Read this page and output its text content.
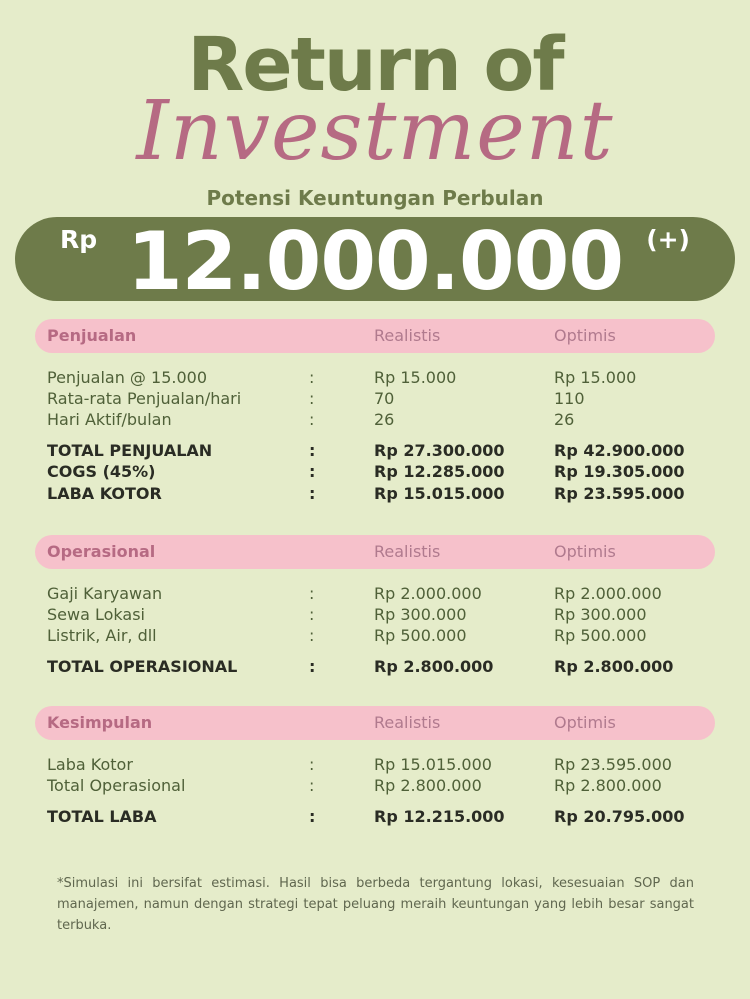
Return of
Investment
Potensi Keuntungan Perbulan
Rp 12.000.000 (+)
Penjualan	Realistis	Optimis
Penjualan @ 15.000	:	Rp 15.000	Rp 15.000
Rata-rata Penjualan/hari	:	70	110
Hari Aktif/bulan	:	26	26
TOTAL PENJUALAN	:	Rp 27.300.000	Rp 42.900.000
COGS (45%)	:	Rp 12.285.000	Rp 19.305.000
LABA KOTOR	:	Rp 15.015.000	Rp 23.595.000
Operasional	Realistis	Optimis
Gaji Karyawan	:	Rp 2.000.000	Rp 2.000.000
Sewa Lokasi	:	Rp 300.000	Rp 300.000
Listrik, Air, dll	:	Rp 500.000	Rp 500.000
TOTAL OPERASIONAL	:	Rp 2.800.000	Rp 2.800.000
Kesimpulan	Realistis	Optimis
Laba Kotor	:	Rp 15.015.000	Rp 23.595.000
Total Operasional	:	Rp 2.800.000	Rp 2.800.000
TOTAL LABA	:	Rp 12.215.000	Rp 20.795.000
*Simulasi ini bersifat estimasi. Hasil bisa berbeda tergantung lokasi, kesesuaian SOP dan manajemen, namun dengan strategi tepat peluang meraih keuntungan yang lebih besar sangat terbuka.
